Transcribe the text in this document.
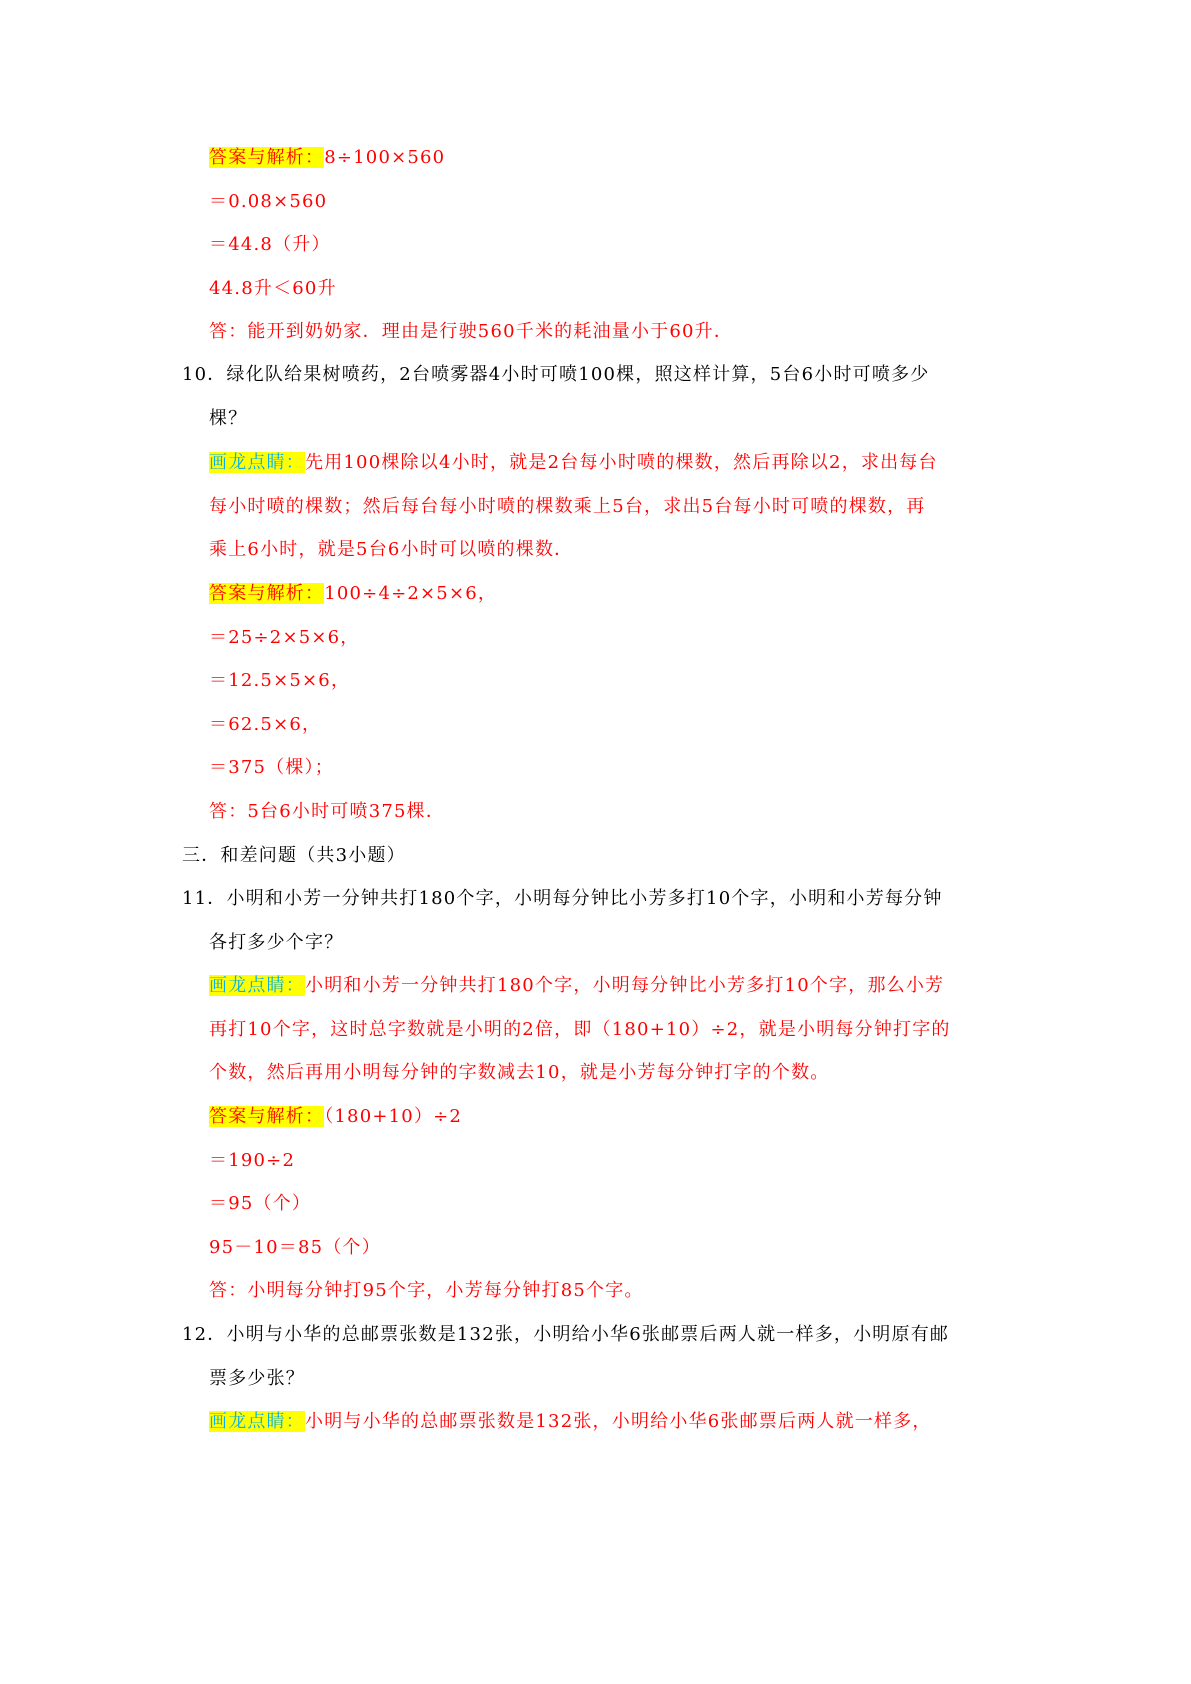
答案与解析：8÷100×560
＝0.08×560
＝44.8（升）
44.8升＜60升
答：能开到奶奶家．理由是行驶560千米的耗油量小于60升．
10．绿化队给果树喷药，2台喷雾器4小时可喷100棵，照这样计算，5台6小时可喷多少
棵？
画龙点睛：先用100棵除以4小时，就是2台每小时喷的棵数，然后再除以2，求出每台
每小时喷的棵数；然后每台每小时喷的棵数乘上5台，求出5台每小时可喷的棵数，再
乘上6小时，就是5台6小时可以喷的棵数．
答案与解析：100÷4÷2×5×6，
＝25÷2×5×6，
＝12.5×5×6，
＝62.5×6，
＝375（棵）；
答：5台6小时可喷375棵．
三．和差问题（共3小题）
11．小明和小芳一分钟共打180个字，小明每分钟比小芳多打10个字，小明和小芳每分钟
各打多少个字？
画龙点睛：小明和小芳一分钟共打180个字，小明每分钟比小芳多打10个字，那么小芳
再打10个字，这时总字数就是小明的2倍，即（180+10）÷2，就是小明每分钟打字的
个数，然后再用小明每分钟的字数减去10，就是小芳每分钟打字的个数。
答案与解析：（180+10）÷2
＝190÷2
＝95（个）
95－10＝85（个）
答：小明每分钟打95个字，小芳每分钟打85个字。
12．小明与小华的总邮票张数是132张，小明给小华6张邮票后两人就一样多，小明原有邮
票多少张？
画龙点睛：小明与小华的总邮票张数是132张，小明给小华6张邮票后两人就一样多，
